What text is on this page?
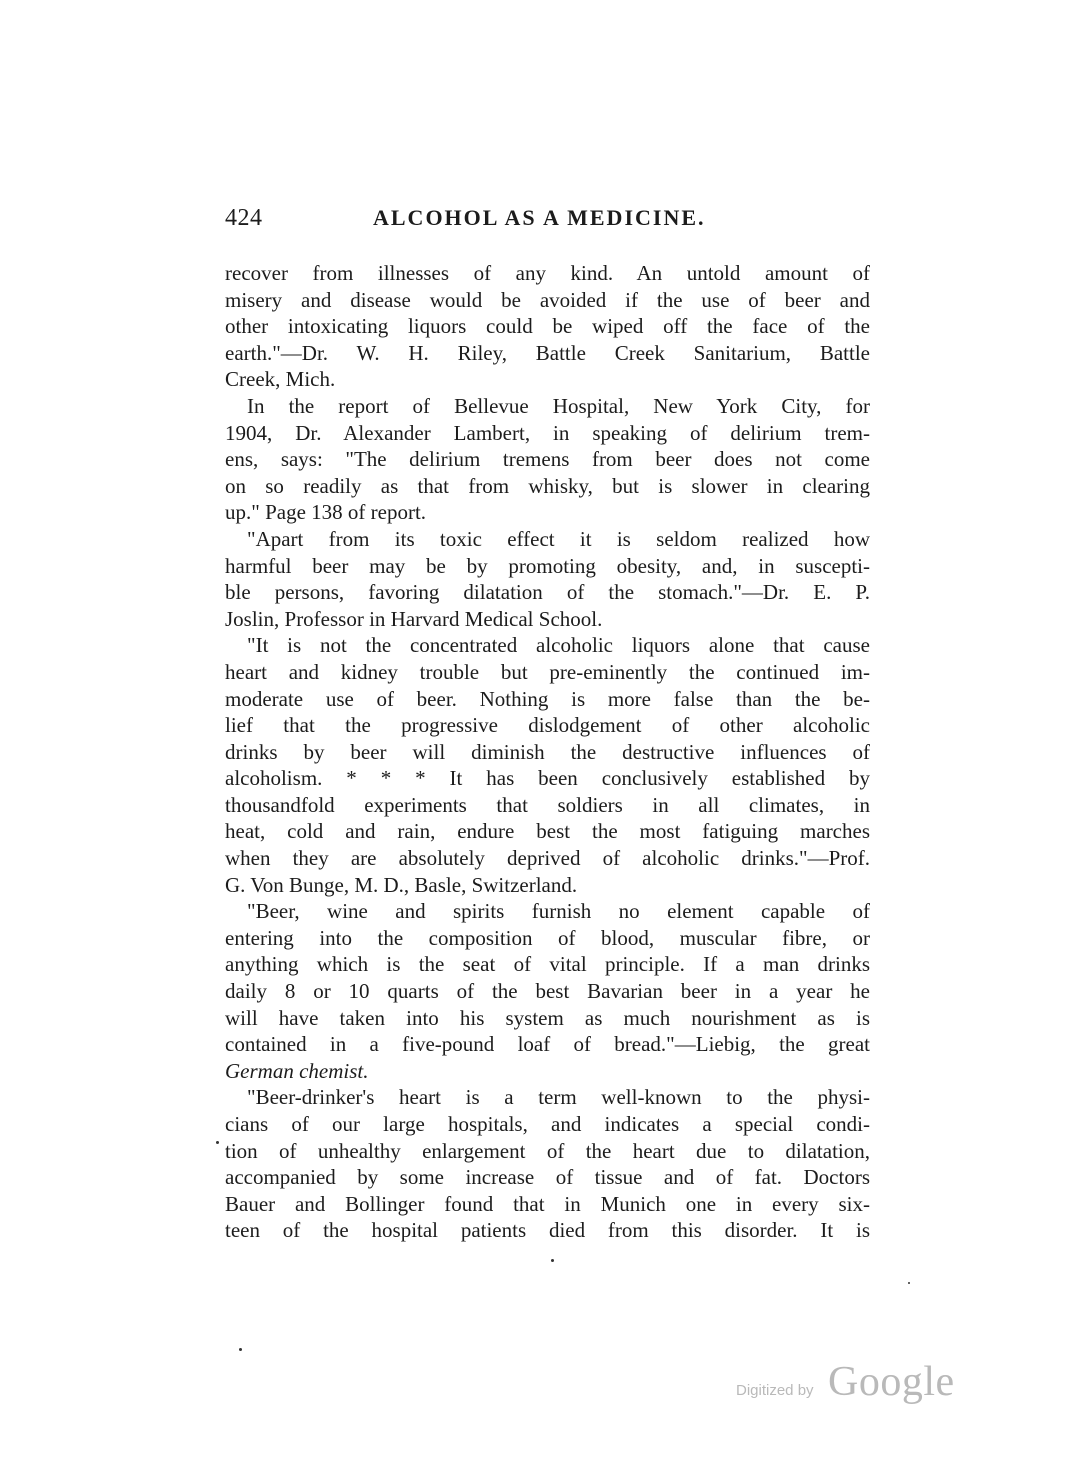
424	ALCOHOL AS A MEDICINE.
recover from illnesses of any kind. An untold amount of
misery and disease would be avoided if the use of beer and
other intoxicating liquors could be wiped off the face of the
earth."—Dr. W. H. Riley, Battle Creek Sanitarium, Battle
Creek, Mich.
In the report of Bellevue Hospital, New York City, for
1904, Dr. Alexander Lambert, in speaking of delirium trem-
ens, says: "The delirium tremens from beer does not come
on so readily as that from whisky, but is slower in clearing
up." Page 138 of report.
"Apart from its toxic effect it is seldom realized how
harmful beer may be by promoting obesity, and, in suscepti-
ble persons, favoring dilatation of the stomach."—Dr. E. P.
Joslin, Professor in Harvard Medical School.
"It is not the concentrated alcoholic liquors alone that cause
heart and kidney trouble but pre-eminently the continued im-
moderate use of beer. Nothing is more false than the be-
lief that the progressive dislodgement of other alcoholic
drinks by beer will diminish the destructive influences of
alcoholism. * * * It has been conclusively established by
thousandfold experiments that soldiers in all climates, in
heat, cold and rain, endure best the most fatiguing marches
when they are absolutely deprived of alcoholic drinks."—Prof.
G. Von Bunge, M. D., Basle, Switzerland.
"Beer, wine and spirits furnish no element capable of
entering into the composition of blood, muscular fibre, or
anything which is the seat of vital principle. If a man drinks
daily 8 or 10 quarts of the best Bavarian beer in a year he
will have taken into his system as much nourishment as is
contained in a five-pound loaf of bread."—Liebig, the great
German chemist.
"Beer-drinker's heart is a term well-known to the physi-
cians of our large hospitals, and indicates a special condi-
tion of unhealthy enlargement of the heart due to dilatation,
accompanied by some increase of tissue and of fat. Doctors
Bauer and Bollinger found that in Munich one in every six-
teen of the hospital patients died from this disorder. It is
Digitized by Google
